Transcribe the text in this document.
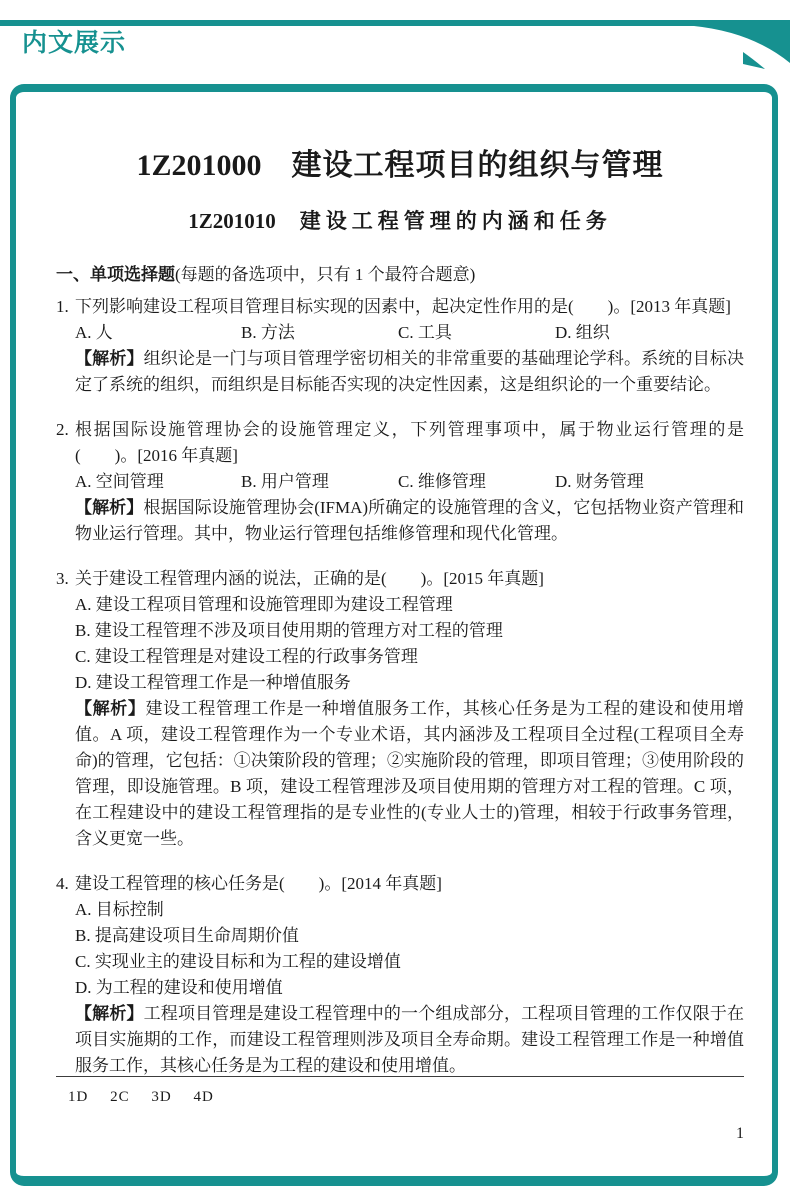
内文展示
1Z201000 建设工程项目的组织与管理
1Z201010 建设工程管理的内涵和任务
一、单项选择题(每题的备选项中，只有 1 个最符合题意)
1. 下列影响建设工程项目管理目标实现的因素中，起决定性作用的是(　　)。[2013 年真题]
A. 人	B. 方法	C. 工具	D. 组织
【解析】组织论是一门与项目管理学密切相关的非常重要的基础理论学科。系统的目标决定了系统的组织，而组织是目标能否实现的决定性因素，这是组织论的一个重要结论。
2. 根据国际设施管理协会的设施管理定义，下列管理事项中，属于物业运行管理的是(　　)。[2016 年真题]
A. 空间管理	B. 用户管理	C. 维修管理	D. 财务管理
【解析】根据国际设施管理协会(IFMA)所确定的设施管理的含义，它包括物业资产管理和物业运行管理。其中，物业运行管理包括维修管理和现代化管理。
3. 关于建设工程管理内涵的说法，正确的是(　　)。[2015 年真题]
A. 建设工程项目管理和设施管理即为建设工程管理
B. 建设工程管理不涉及项目使用期的管理方对工程的管理
C. 建设工程管理是对建设工程的行政事务管理
D. 建设工程管理工作是一种增值服务
【解析】建设工程管理工作是一种增值服务工作，其核心任务是为工程的建设和使用增值。A 项，建设工程管理作为一个专业术语，其内涵涉及工程项目全过程(工程项目全寿命)的管理，它包括：①决策阶段的管理；②实施阶段的管理，即项目管理；③使用阶段的管理，即设施管理。B 项，建设工程管理涉及项目使用期的管理方对工程的管理。C 项，在工程建设中的建设工程管理指的是专业性的(专业人士的)管理，相较于行政事务管理，含义更宽一些。
4. 建设工程管理的核心任务是(　　)。[2014 年真题]
A. 目标控制
B. 提高建设项目生命周期价值
C. 实现业主的建设目标和为工程的建设增值
D. 为工程的建设和使用增值
【解析】工程项目管理是建设工程管理中的一个组成部分，工程项目管理的工作仅限于在项目实施期的工作，而建设工程管理则涉及项目全寿命期。建设工程管理工作是一种增值服务工作，其核心任务是为工程的建设和使用增值。
1D 2C 3D 4D
1
